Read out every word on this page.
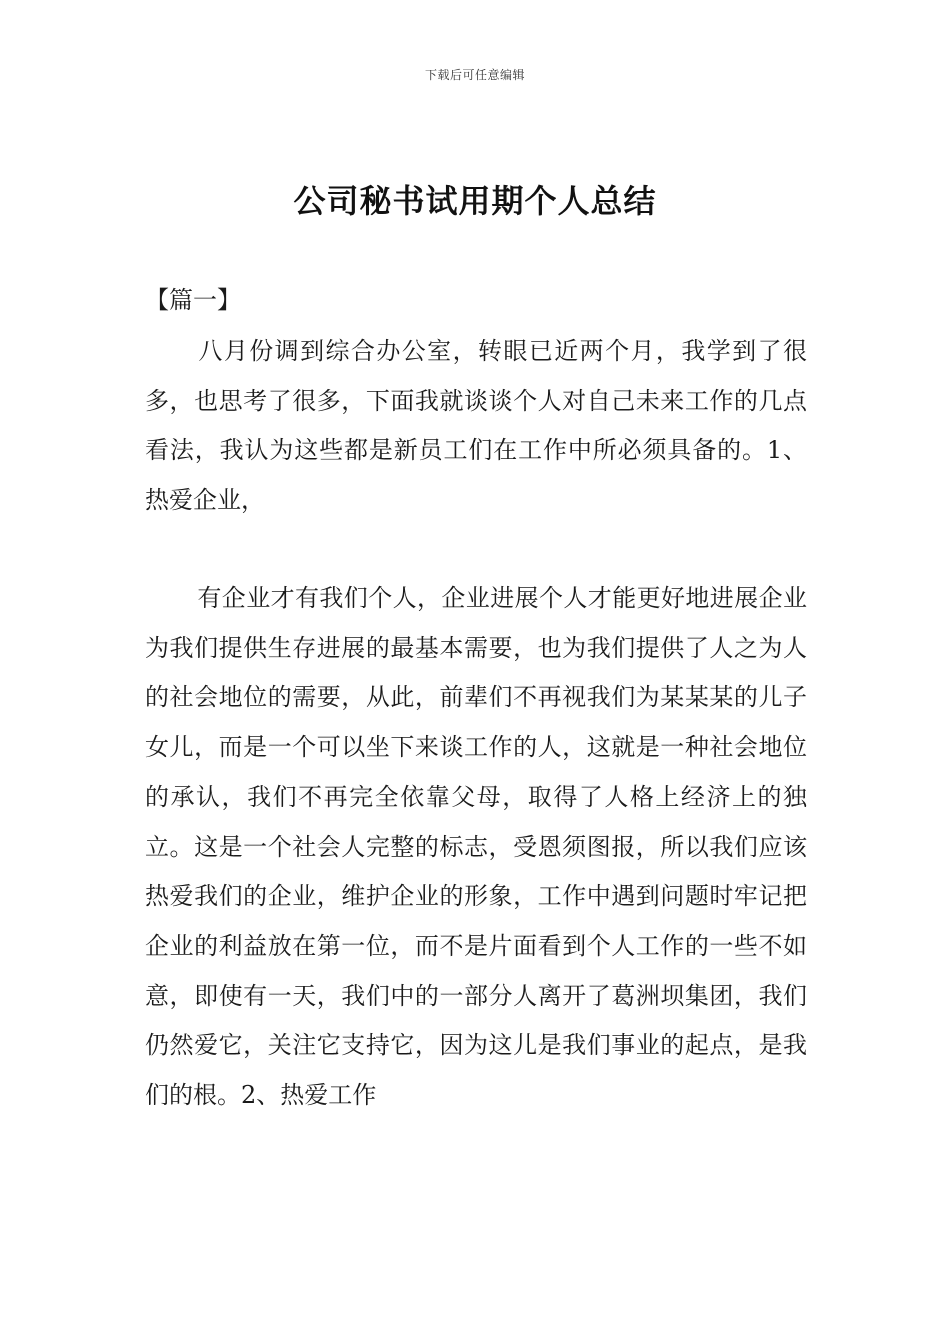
下载后可任意编辑
公司秘书试用期个人总结
【篇一】

八月份调到综合办公室，转眼已近两个月，我学到了很多，也思考了很多，下面我就谈谈个人对自己未来工作的几点看法，我认为这些都是新员工们在工作中所必须具备的。1、热爱企业，

有企业才有我们个人，企业进展个人才能更好地进展企业为我们提供生存进展的最基本需要，也为我们提供了人之为人的社会地位的需要，从此，前辈们不再视我们为某某某的儿子女儿，而是一个可以坐下来谈工作的人，这就是一种社会地位的承认，我们不再完全依靠父母，取得了人格上经济上的独立。这是一个社会人完整的标志，受恩须图报，所以我们应该热爱我们的企业，维护企业的形象，工作中遇到问题时牢记把企业的利益放在第一位，而不是片面看到个人工作的一些不如意，即使有一天，我们中的一部分人离开了葛洲坝集团，我们仍然爱它，关注它支持它，因为这儿是我们事业的起点，是我们的根。2、热爱工作
